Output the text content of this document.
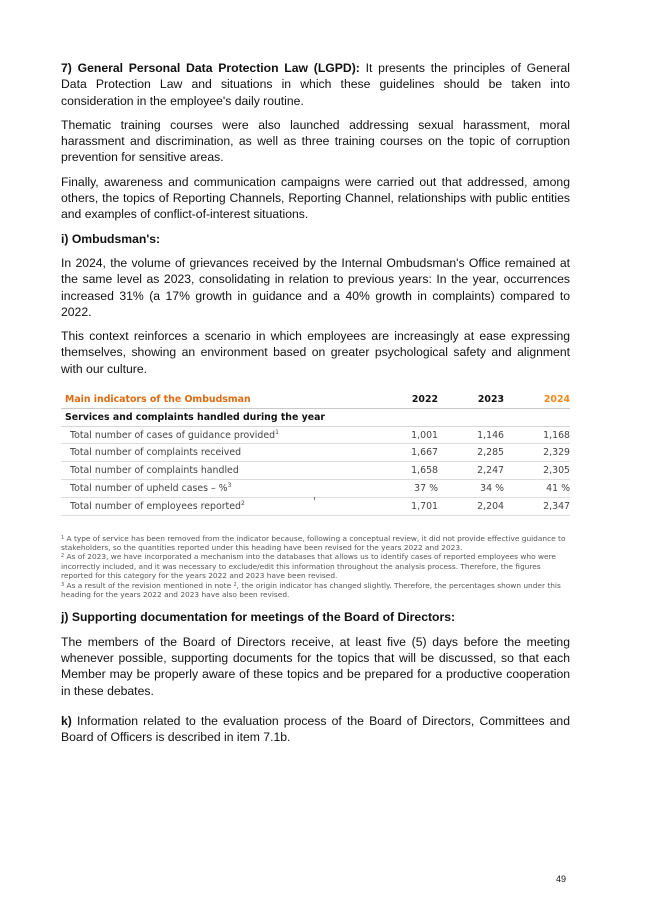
7) General Personal Data Protection Law (LGPD): It presents the principles of General Data Protection Law and situations in which these guidelines should be taken into consideration in the employee's daily routine.

Thematic training courses were also launched addressing sexual harassment, moral harassment and discrimination, as well as three training courses on the topic of corruption prevention for sensitive areas.

Finally, awareness and communication campaigns were carried out that addressed, among others, the topics of Reporting Channels, Reporting Channel, relationships with public entities and examples of conflict-of-interest situations.

i) Ombudsman's:

In 2024, the volume of grievances received by the Internal Ombudsman's Office remained at the same level as 2023, consolidating in relation to previous years: In the year, occurrences increased 31% (a 17% growth in guidance and a 40% growth in complaints) compared to 2022.

This context reinforces a scenario in which employees are increasingly at ease expressing themselves, showing an environment based on greater psychological safety and alignment with our culture.

Main indicators of the Ombudsman	2022	2023	2024
Services and complaints handled during the year			
Total number of cases of guidance provided$^1$	1,001	1,146	1,168
Total number of complaints received	1,667	2,285	2,329
Total number of complaints handled	1,658	2,247	2,305
Total number of upheld cases – %$^3$	37 %	34 %	41 %
Total number of employees reported$^2$	1,701	2,204	2,347
$^1$ A type of service has been removed from the indicator because, following a conceptual review, it did not provide effective guidance to stakeholders, so the quantities reported under this heading have been revised for the years 2022 and 2023.
$^2$ As of 2023, we have incorporated a mechanism into the databases that allows us to identify cases of reported employees who were incorrectly included, and it was necessary to exclude/edit this information throughout the analysis process. Therefore, the figures reported for this category for the years 2022 and 2023 have been revised.
$^3$ As a result of the revision mentioned in note $^2$, the origin indicator has changed slightly. Therefore, the percentages shown under this heading for the years 2022 and 2023 have also been revised.

j) Supporting documentation for meetings of the Board of Directors:

The members of the Board of Directors receive, at least five (5) days before the meeting whenever possible, supporting documents for the topics that will be discussed, so that each Member may be properly aware of these topics and be prepared for a productive cooperation in these debates.

k) Information related to the evaluation process of the Board of Directors, Committees and Board of Officers is described in item 7.1b.

49
